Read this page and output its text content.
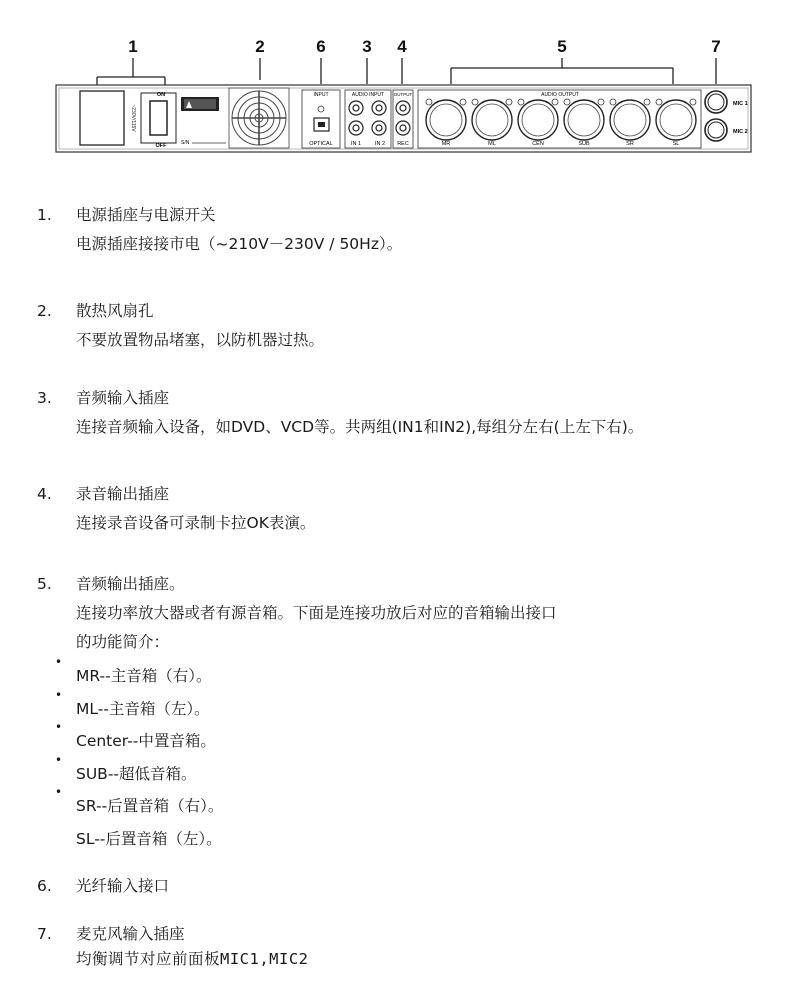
1	2	6 3 4	5	7
~230V/115V
ON
OFF	S/N
INPUT
OPTICAL
AUDIO INPUT
IN 1	IN 2
OUTPUT
REC
AUDIO OUTPUT
MR	ML	CEN	SUB	SR	SL
MIC 1
MIC 2
1.	电源插座与电源开关
电源插座接接市电（~210V－230V / 50Hz）。
2.	散热风扇孔
不要放置物品堵塞，以防机器过热。
3.	音频输入插座
连接音频输入设备，如DVD、VCD等。共两组(IN1和IN2),每组分左右(上左下右)。
4.	录音输出插座
连接录音设备可录制卡拉OK表演。
5.	音频输出插座。
连接功率放大器或者有源音箱。下面是连接功放后对应的音箱输出接口
的功能简介：
•
MR--主音箱（右）。
•
ML--主音箱（左）。
•
Center--中置音箱。
•
SUB--超低音箱。
•
SR--后置音箱（右）。
SL--后置音箱（左）。
6.	光纤输入接口
7.	麦克风输入插座
均衡调节对应前面板MIC1,MIC2
